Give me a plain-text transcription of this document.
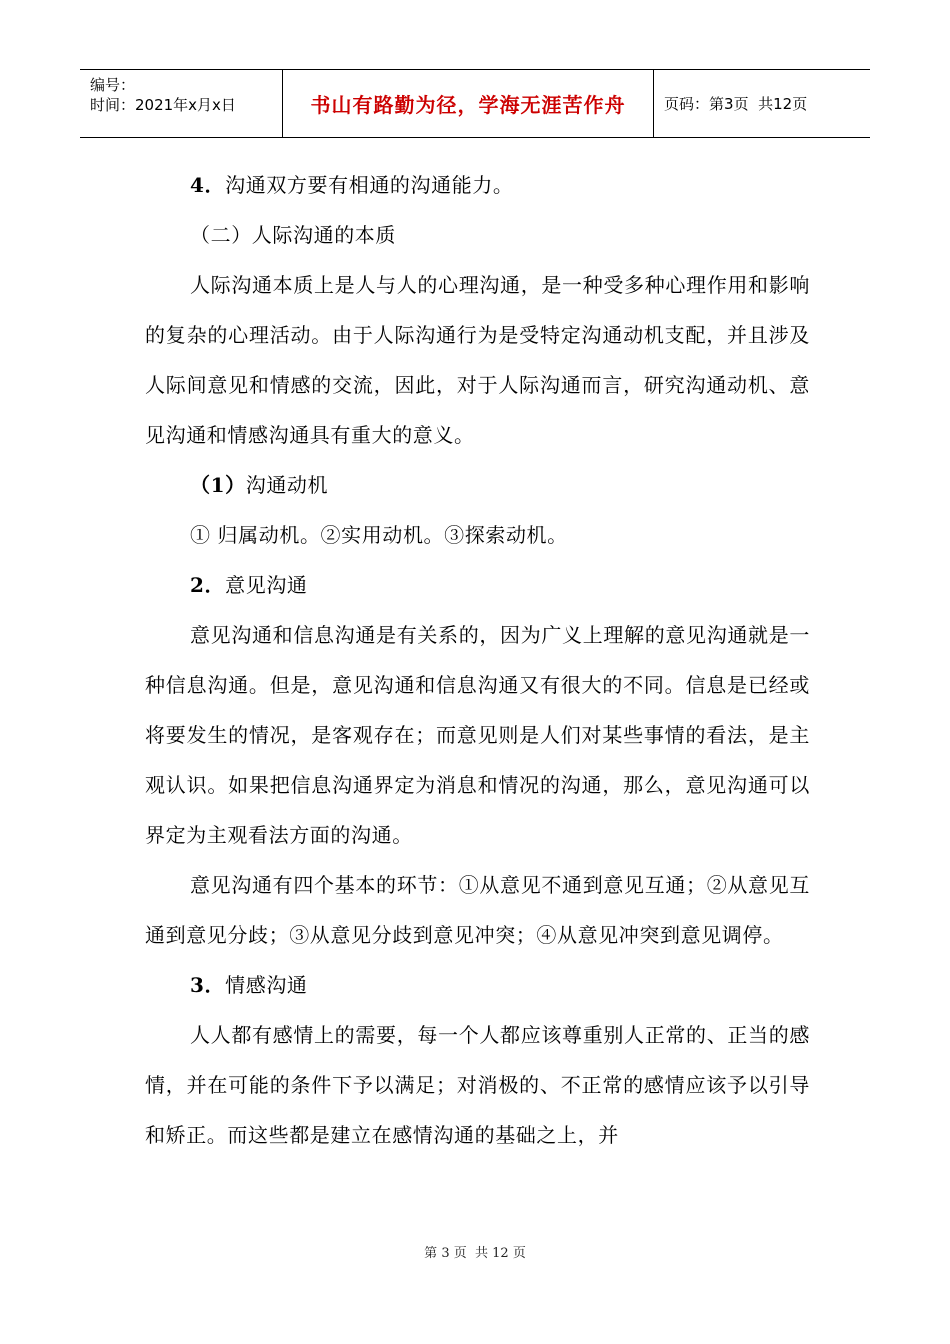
编号：
时间：2021年x月x日	书山有路勤为径，学海无涯苦作舟	页码：第 3 页  共 12 页

4．沟通双方要有相通的沟通能力。

（二）人际沟通的本质

人际沟通本质上是人与人的心理沟通，是一种受多种心理作用和影响的复杂的心理活动。由于人际沟通行为是受特定沟通动机支配，并且涉及人际间意见和情感的交流，因此，对于人际沟通而言，研究沟通动机、意见沟通和情感沟通具有重大的意义。

（1）沟通动机

① 归属动机。②实用动机。③探索动机。

2．意见沟通

意见沟通和信息沟通是有关系的，因为广义上理解的意见沟通就是一种信息沟通。但是，意见沟通和信息沟通又有很大的不同。信息是已经或将要发生的情况，是客观存在；而意见则是人们对某些事情的看法，是主观认识。如果把信息沟通界定为消息和情况的沟通，那么，意见沟通可以界定为主观看法方面的沟通。

意见沟通有四个基本的环节：①从意见不通到意见互通；②从意见互通到意见分歧；③从意见分歧到意见冲突；④从意见冲突到意见调停。

3．情感沟通

人人都有感情上的需要，每一个人都应该尊重别人正常的、正当的感情，并在可能的条件下予以满足；对消极的、不正常的感情应该予以引导和矫正。而这些都是建立在感情沟通的基础之上，并

第 3 页  共 12 页
